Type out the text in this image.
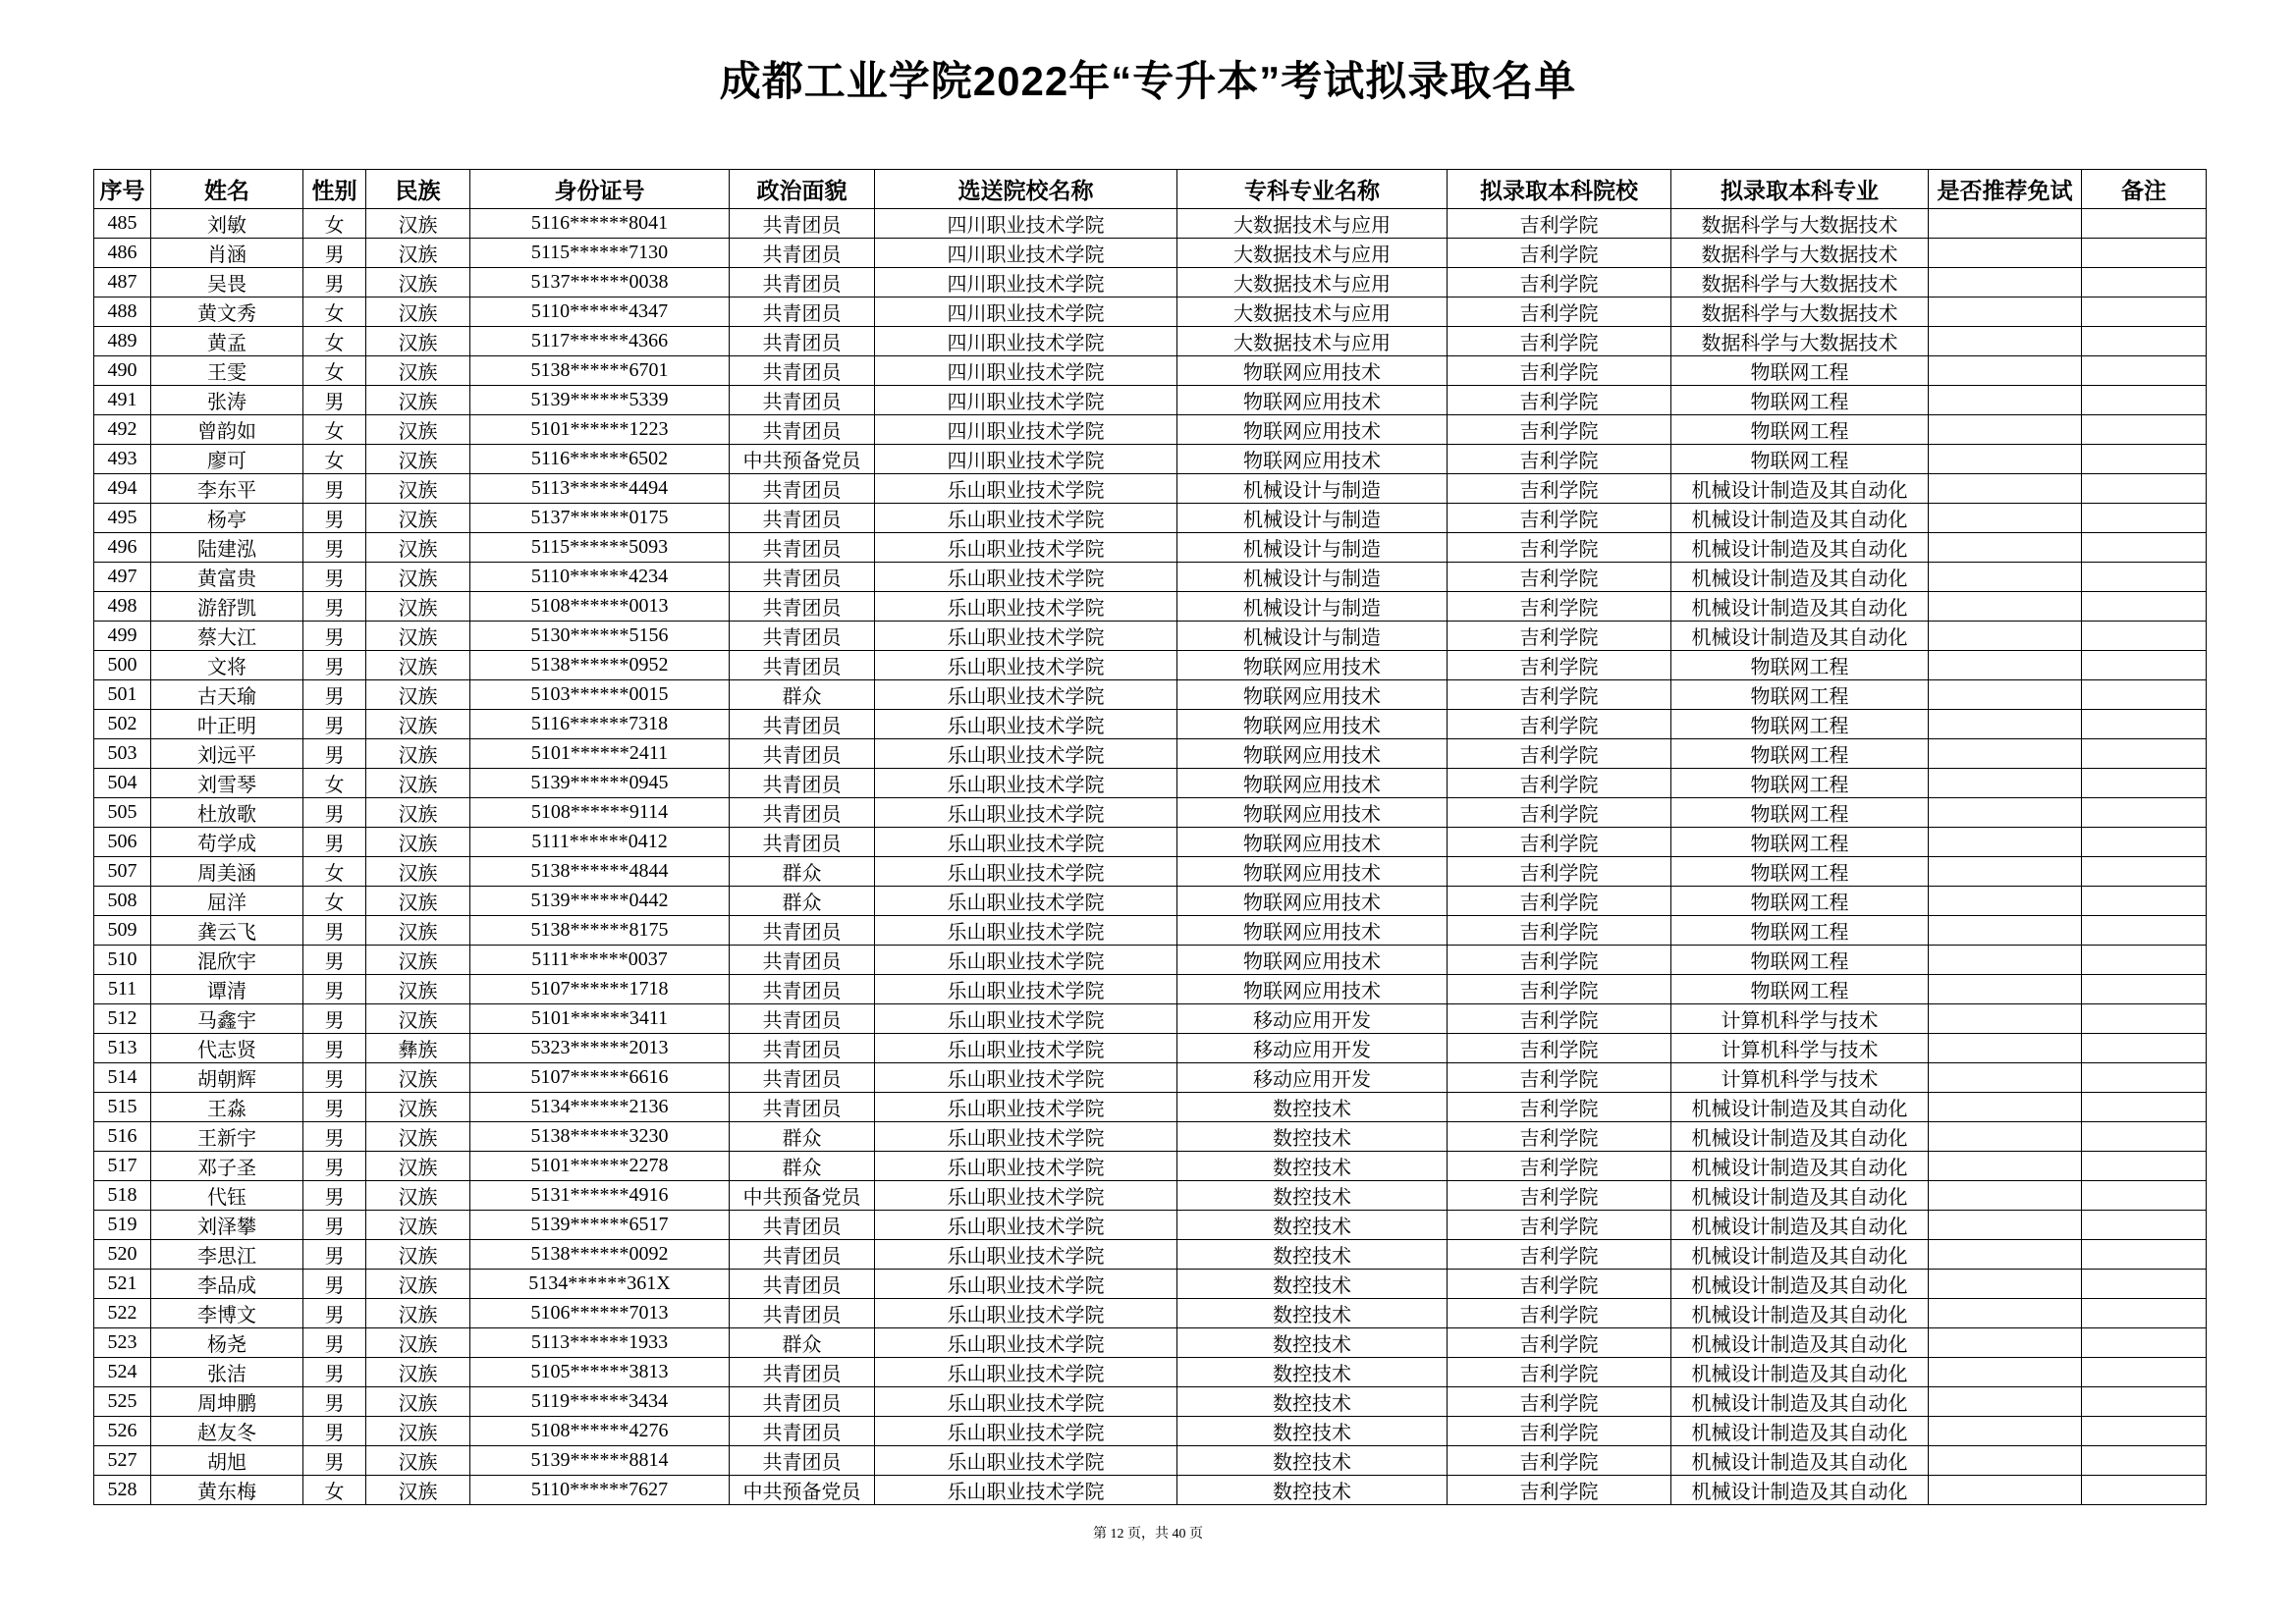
成都工业学院2022年“专升本”考试拟录取名单
序号	姓名	性别	民族	身份证号	政治面貌	选送院校名称	专科专业名称	拟录取本科院校	拟录取本科专业	是否推荐免试	备注
485	刘敏	女	汉族	5116******8041	共青团员	四川职业技术学院	大数据技术与应用	吉利学院	数据科学与大数据技术		
486	肖涵	男	汉族	5115******7130	共青团员	四川职业技术学院	大数据技术与应用	吉利学院	数据科学与大数据技术		
487	吴畏	男	汉族	5137******0038	共青团员	四川职业技术学院	大数据技术与应用	吉利学院	数据科学与大数据技术		
488	黄文秀	女	汉族	5110******4347	共青团员	四川职业技术学院	大数据技术与应用	吉利学院	数据科学与大数据技术		
489	黄孟	女	汉族	5117******4366	共青团员	四川职业技术学院	大数据技术与应用	吉利学院	数据科学与大数据技术		
490	王雯	女	汉族	5138******6701	共青团员	四川职业技术学院	物联网应用技术	吉利学院	物联网工程		
491	张涛	男	汉族	5139******5339	共青团员	四川职业技术学院	物联网应用技术	吉利学院	物联网工程		
492	曾韵如	女	汉族	5101******1223	共青团员	四川职业技术学院	物联网应用技术	吉利学院	物联网工程		
493	廖可	女	汉族	5116******6502	中共预备党员	四川职业技术学院	物联网应用技术	吉利学院	物联网工程		
494	李东平	男	汉族	5113******4494	共青团员	乐山职业技术学院	机械设计与制造	吉利学院	机械设计制造及其自动化		
495	杨亭	男	汉族	5137******0175	共青团员	乐山职业技术学院	机械设计与制造	吉利学院	机械设计制造及其自动化		
496	陆建泓	男	汉族	5115******5093	共青团员	乐山职业技术学院	机械设计与制造	吉利学院	机械设计制造及其自动化		
497	黄富贵	男	汉族	5110******4234	共青团员	乐山职业技术学院	机械设计与制造	吉利学院	机械设计制造及其自动化		
498	游舒凯	男	汉族	5108******0013	共青团员	乐山职业技术学院	机械设计与制造	吉利学院	机械设计制造及其自动化		
499	蔡大江	男	汉族	5130******5156	共青团员	乐山职业技术学院	机械设计与制造	吉利学院	机械设计制造及其自动化		
500	文将	男	汉族	5138******0952	共青团员	乐山职业技术学院	物联网应用技术	吉利学院	物联网工程		
501	古天瑜	男	汉族	5103******0015	群众	乐山职业技术学院	物联网应用技术	吉利学院	物联网工程		
502	叶正明	男	汉族	5116******7318	共青团员	乐山职业技术学院	物联网应用技术	吉利学院	物联网工程		
503	刘远平	男	汉族	5101******2411	共青团员	乐山职业技术学院	物联网应用技术	吉利学院	物联网工程		
504	刘雪琴	女	汉族	5139******0945	共青团员	乐山职业技术学院	物联网应用技术	吉利学院	物联网工程		
505	杜放歌	男	汉族	5108******9114	共青团员	乐山职业技术学院	物联网应用技术	吉利学院	物联网工程		
506	苟学成	男	汉族	5111******0412	共青团员	乐山职业技术学院	物联网应用技术	吉利学院	物联网工程		
507	周美涵	女	汉族	5138******4844	群众	乐山职业技术学院	物联网应用技术	吉利学院	物联网工程		
508	屈洋	女	汉族	5139******0442	群众	乐山职业技术学院	物联网应用技术	吉利学院	物联网工程		
509	龚云飞	男	汉族	5138******8175	共青团员	乐山职业技术学院	物联网应用技术	吉利学院	物联网工程		
510	混欣宇	男	汉族	5111******0037	共青团员	乐山职业技术学院	物联网应用技术	吉利学院	物联网工程		
511	谭清	男	汉族	5107******1718	共青团员	乐山职业技术学院	物联网应用技术	吉利学院	物联网工程		
512	马鑫宇	男	汉族	5101******3411	共青团员	乐山职业技术学院	移动应用开发	吉利学院	计算机科学与技术		
513	代志贤	男	彝族	5323******2013	共青团员	乐山职业技术学院	移动应用开发	吉利学院	计算机科学与技术		
514	胡朝辉	男	汉族	5107******6616	共青团员	乐山职业技术学院	移动应用开发	吉利学院	计算机科学与技术		
515	王淼	男	汉族	5134******2136	共青团员	乐山职业技术学院	数控技术	吉利学院	机械设计制造及其自动化		
516	王新宇	男	汉族	5138******3230	群众	乐山职业技术学院	数控技术	吉利学院	机械设计制造及其自动化		
517	邓子圣	男	汉族	5101******2278	群众	乐山职业技术学院	数控技术	吉利学院	机械设计制造及其自动化		
518	代钰	男	汉族	5131******4916	中共预备党员	乐山职业技术学院	数控技术	吉利学院	机械设计制造及其自动化		
519	刘泽攀	男	汉族	5139******6517	共青团员	乐山职业技术学院	数控技术	吉利学院	机械设计制造及其自动化		
520	李思江	男	汉族	5138******0092	共青团员	乐山职业技术学院	数控技术	吉利学院	机械设计制造及其自动化		
521	李品成	男	汉族	5134******361X	共青团员	乐山职业技术学院	数控技术	吉利学院	机械设计制造及其自动化		
522	李博文	男	汉族	5106******7013	共青团员	乐山职业技术学院	数控技术	吉利学院	机械设计制造及其自动化		
523	杨尧	男	汉族	5113******1933	群众	乐山职业技术学院	数控技术	吉利学院	机械设计制造及其自动化		
524	张洁	男	汉族	5105******3813	共青团员	乐山职业技术学院	数控技术	吉利学院	机械设计制造及其自动化		
525	周坤鹏	男	汉族	5119******3434	共青团员	乐山职业技术学院	数控技术	吉利学院	机械设计制造及其自动化		
526	赵友冬	男	汉族	5108******4276	共青团员	乐山职业技术学院	数控技术	吉利学院	机械设计制造及其自动化		
527	胡旭	男	汉族	5139******8814	共青团员	乐山职业技术学院	数控技术	吉利学院	机械设计制造及其自动化		
528	黄东梅	女	汉族	5110******7627	中共预备党员	乐山职业技术学院	数控技术	吉利学院	机械设计制造及其自动化		
第 12 页，共 40 页
